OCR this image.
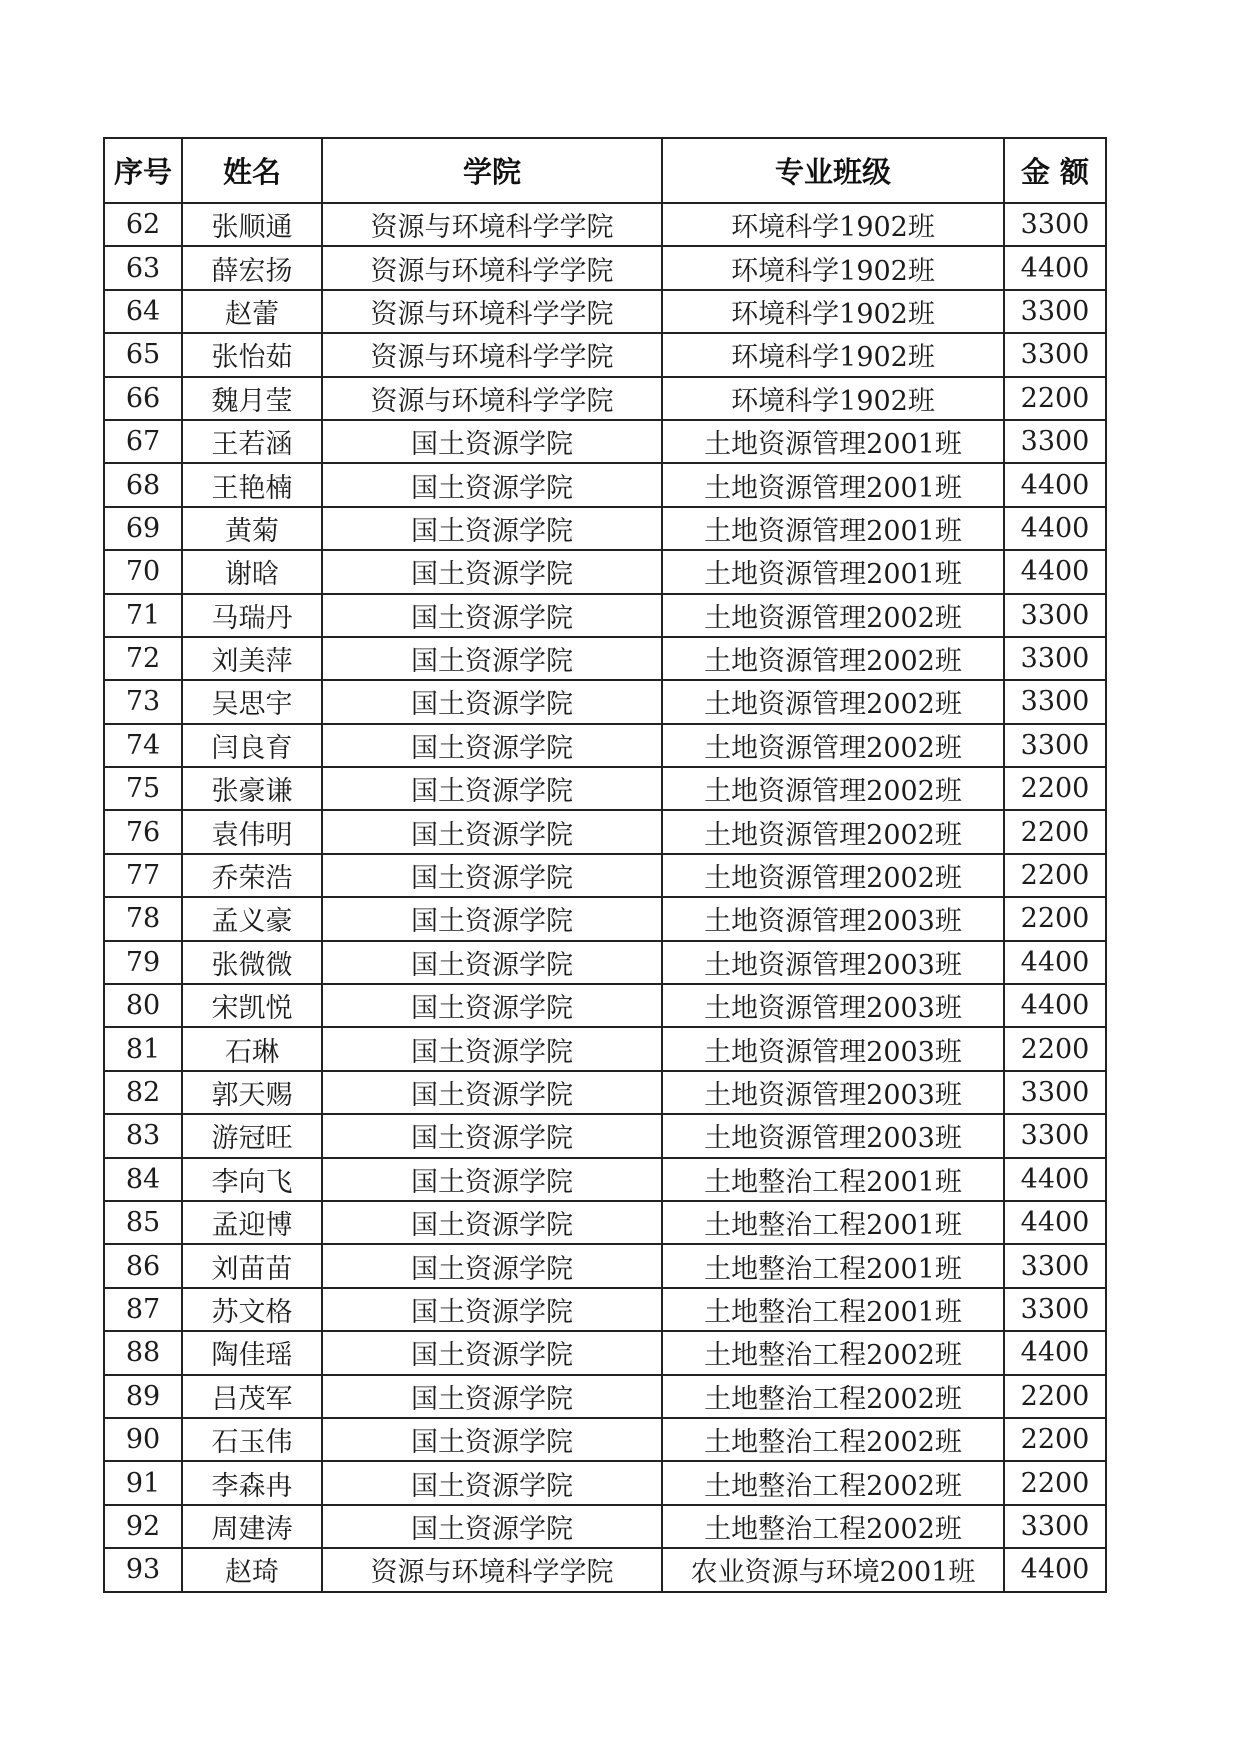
序号	姓名	学院	专业班级	金 额
62	张顺通	资源与环境科学学院	环境科学1902班	3300
63	薛宏扬	资源与环境科学学院	环境科学1902班	4400
64	赵蕾	资源与环境科学学院	环境科学1902班	3300
65	张怡茹	资源与环境科学学院	环境科学1902班	3300
66	魏月莹	资源与环境科学学院	环境科学1902班	2200
67	王若涵	国土资源学院	土地资源管理2001班	3300
68	王艳楠	国土资源学院	土地资源管理2001班	4400
69	黄菊	国土资源学院	土地资源管理2001班	4400
70	谢晗	国土资源学院	土地资源管理2001班	4400
71	马瑞丹	国土资源学院	土地资源管理2002班	3300
72	刘美萍	国土资源学院	土地资源管理2002班	3300
73	吴思宇	国土资源学院	土地资源管理2002班	3300
74	闫良育	国土资源学院	土地资源管理2002班	3300
75	张豪谦	国土资源学院	土地资源管理2002班	2200
76	袁伟明	国土资源学院	土地资源管理2002班	2200
77	乔荣浩	国土资源学院	土地资源管理2002班	2200
78	孟义豪	国土资源学院	土地资源管理2003班	2200
79	张微微	国土资源学院	土地资源管理2003班	4400
80	宋凯悦	国土资源学院	土地资源管理2003班	4400
81	石琳	国土资源学院	土地资源管理2003班	2200
82	郭天赐	国土资源学院	土地资源管理2003班	3300
83	游冠旺	国土资源学院	土地资源管理2003班	3300
84	李向飞	国土资源学院	土地整治工程2001班	4400
85	孟迎博	国土资源学院	土地整治工程2001班	4400
86	刘苗苗	国土资源学院	土地整治工程2001班	3300
87	苏文格	国土资源学院	土地整治工程2001班	3300
88	陶佳瑶	国土资源学院	土地整治工程2002班	4400
89	吕茂军	国土资源学院	土地整治工程2002班	2200
90	石玉伟	国土资源学院	土地整治工程2002班	2200
91	李森冉	国土资源学院	土地整治工程2002班	2200
92	周建涛	国土资源学院	土地整治工程2002班	3300
93	赵琦	资源与环境科学学院	农业资源与环境2001班	4400
